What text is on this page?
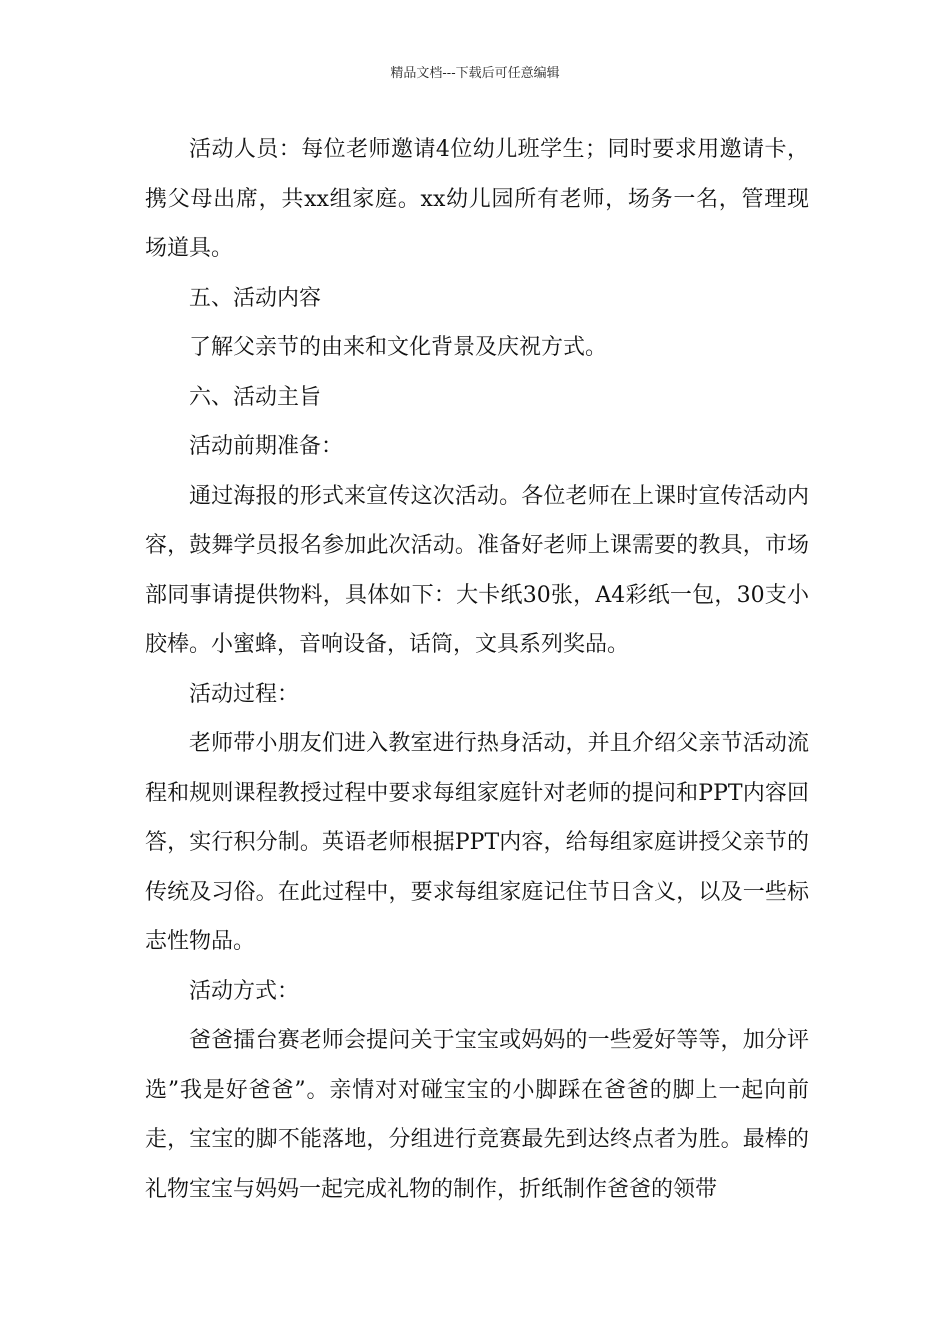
精品文档---下载后可任意编辑

活动人员：每位老师邀请4位幼儿班学生；同时要求用邀请卡，携父母出席，共xx组家庭。xx幼儿园所有老师，场务一名，管理现场道具。

五、活动内容

了解父亲节的由来和文化背景及庆祝方式。

六、活动主旨

活动前期准备：

通过海报的形式来宣传这次活动。各位老师在上课时宣传活动内容，鼓舞学员报名参加此次活动。准备好老师上课需要的教具，市场部同事请提供物料，具体如下：大卡纸30张，A4彩纸一包，30支小胶棒。小蜜蜂，音响设备，话筒，文具系列奖品。

活动过程：

老师带小朋友们进入教室进行热身活动，并且介绍父亲节活动流程和规则课程教授过程中要求每组家庭针对老师的提问和PPT内容回答，实行积分制。英语老师根据PPT内容，给每组家庭讲授父亲节的传统及习俗。在此过程中，要求每组家庭记住节日含义，以及一些标志性物品。

活动方式：

爸爸擂台赛老师会提问关于宝宝或妈妈的一些爱好等等，加分评选”我是好爸爸”。亲情对对碰宝宝的小脚踩在爸爸的脚上一起向前走，宝宝的脚不能落地，分组进行竞赛最先到达终点者为胜。最棒的礼物宝宝与妈妈一起完成礼物的制作，折纸制作爸爸的领带
